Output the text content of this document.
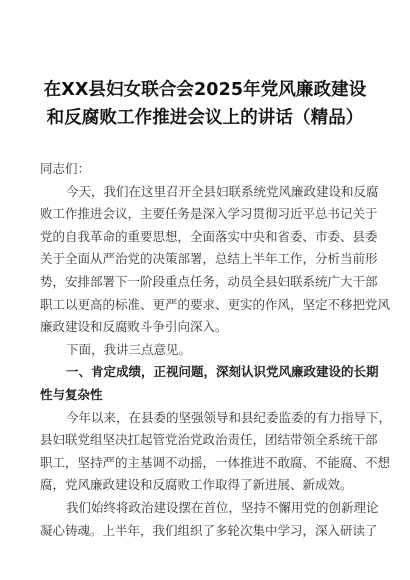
在XX县妇女联合会2025年党风廉政建设
和反腐败工作推进会议上的讲话（精品）
同志们：

今天，我们在这里召开全县妇联系统党风廉政建设和反腐
败工作推进会议，主要任务是深入学习贯彻习近平总书记关于
党的自我革命的重要思想，全面落实中央和省委、市委、县委
关于全面从严治党的决策部署，总结上半年工作，分析当前形
势，安排部署下一阶段重点任务，动员全县妇联系统广大干部
职工以更高的标准、更严的要求、更实的作风，坚定不移把党风
廉政建设和反腐败斗争引向深入。

下面，我讲三点意见。

一、肯定成绩，正视问题，深刻认识党风廉政建设的长期
性与复杂性

今年以来，在县委的坚强领导和县纪委监委的有力指导下，
县妇联党组坚决扛起管党治党政治责任，团结带领全系统干部
职工，坚持严的主基调不动摇，一体推进不敢腐、不能腐、不想
腐，党风廉政建设和反腐败工作取得了新进展、新成效。

我们始终将政治建设摆在首位，坚持不懈用党的创新理论
凝心铸魂。上半年，我们组织了多轮次集中学习，深入研读了
